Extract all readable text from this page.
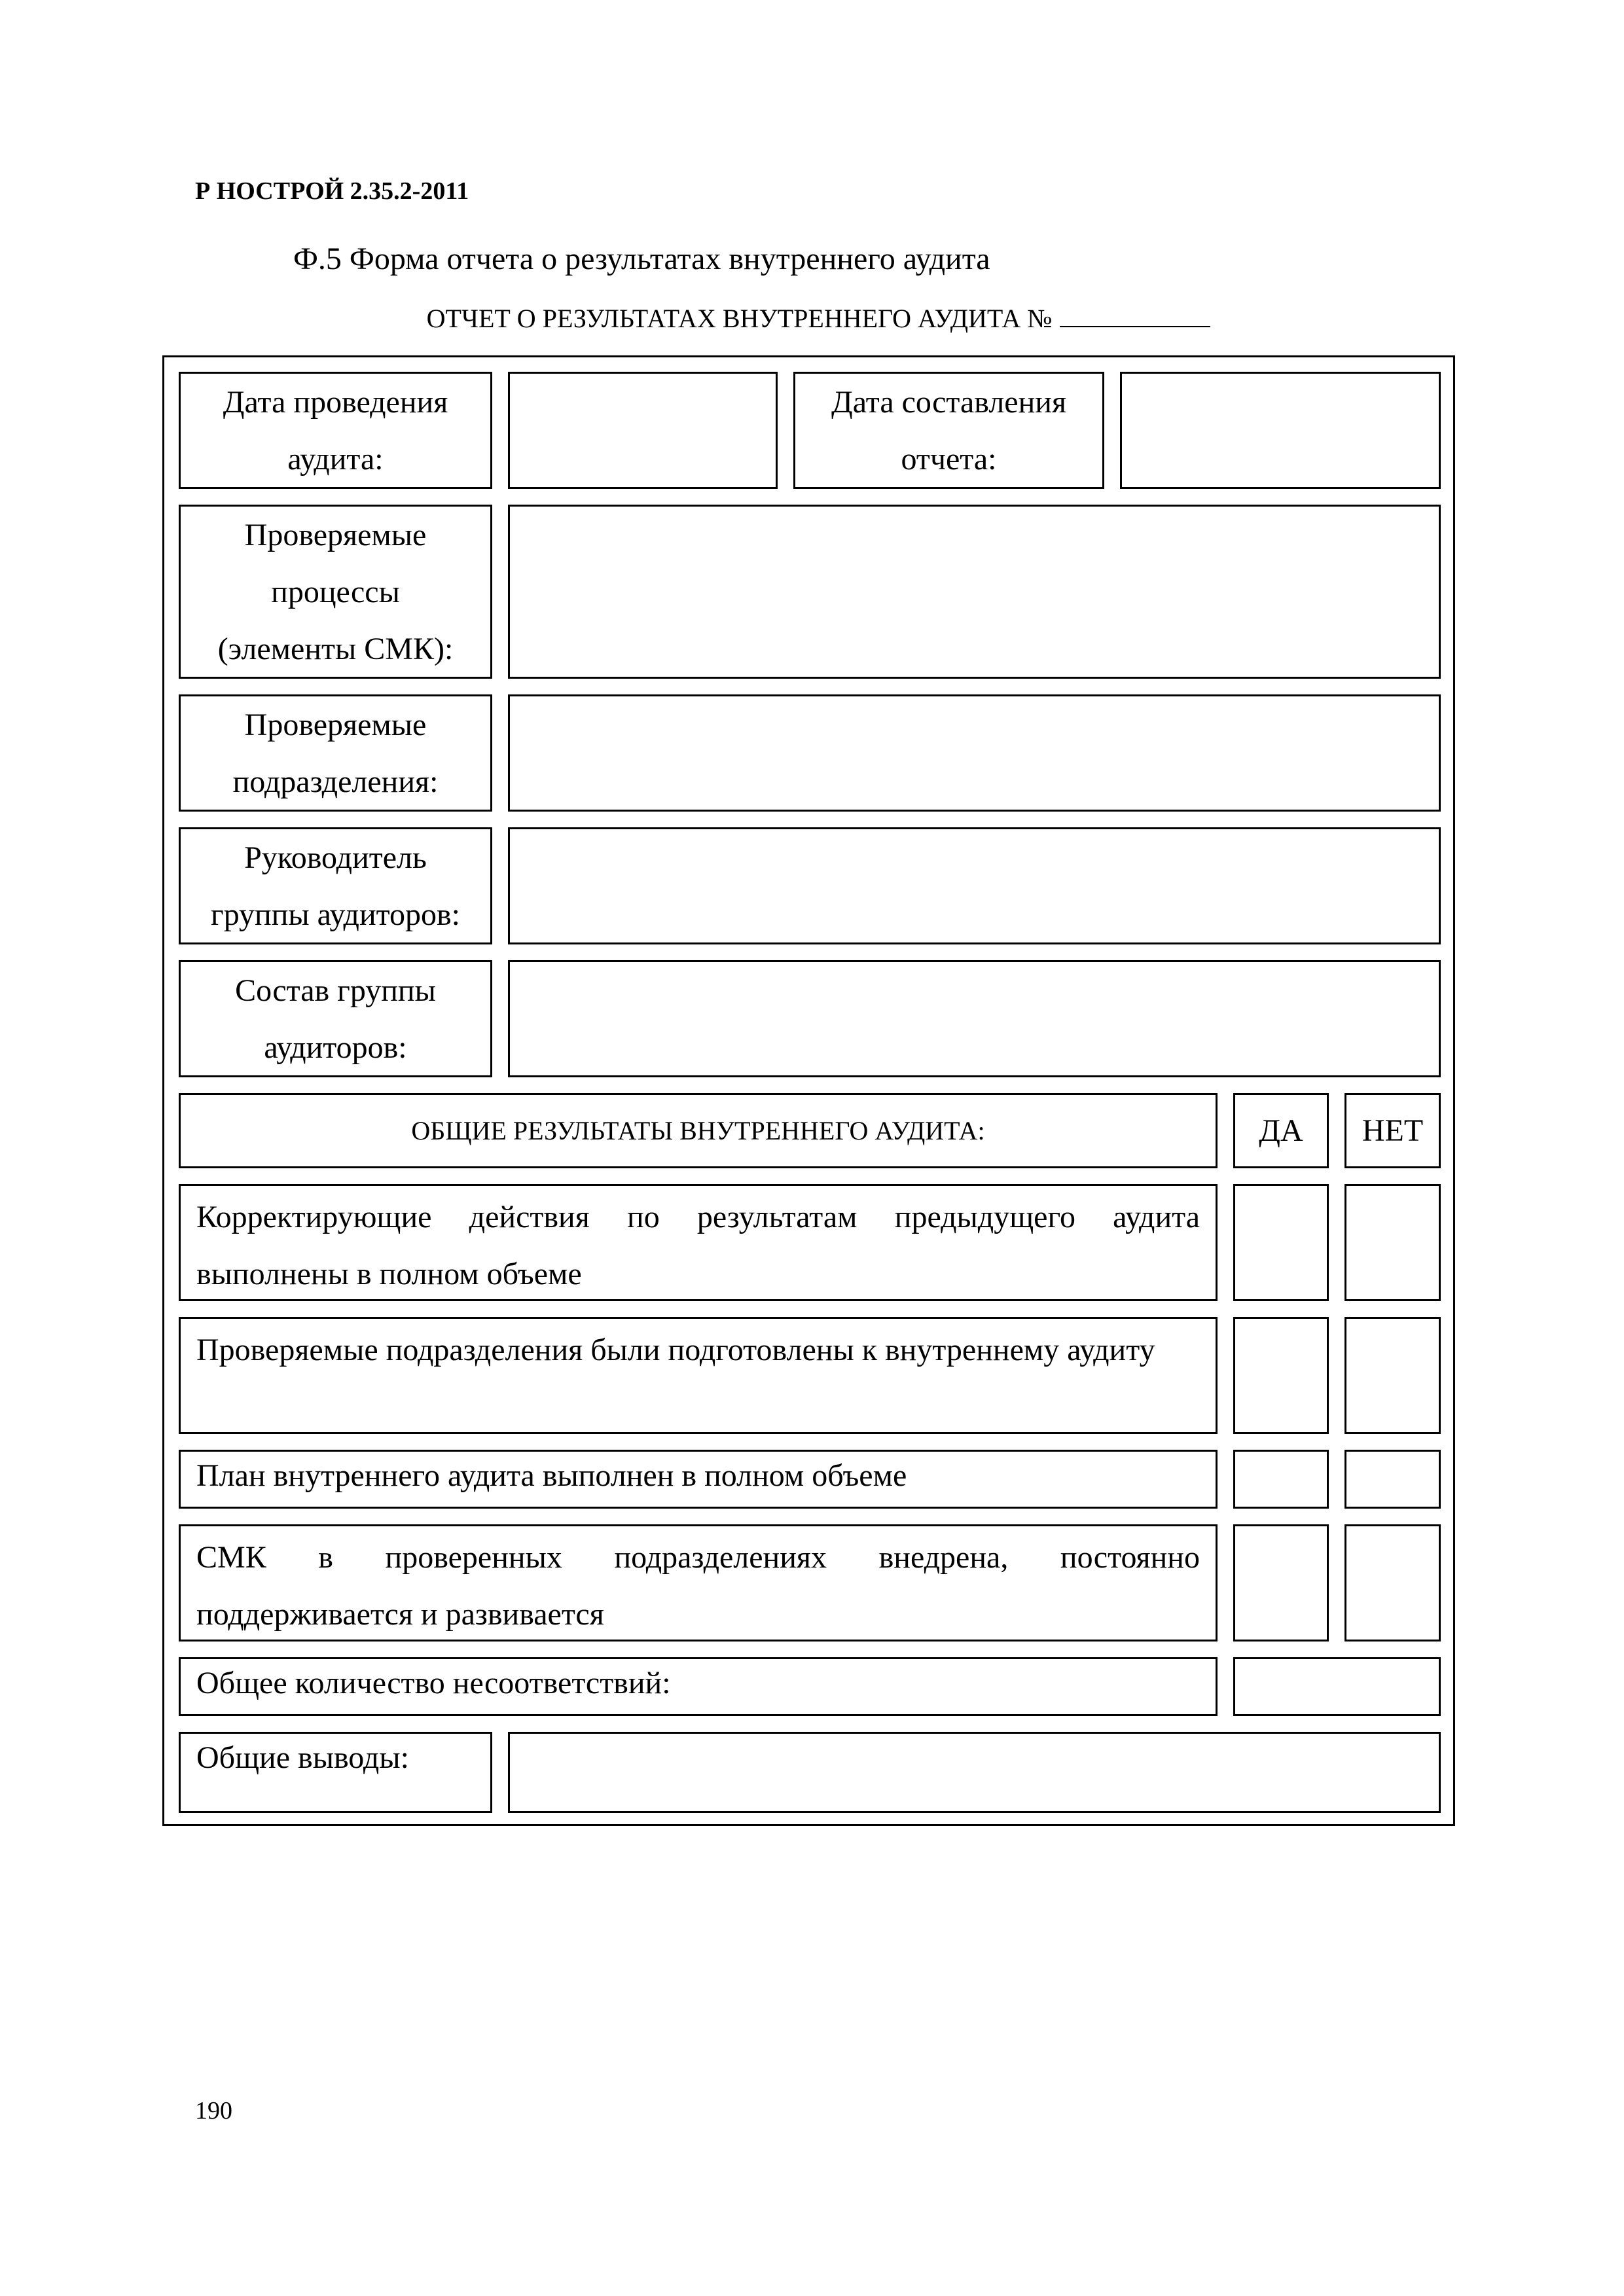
Р НОСТРОЙ 2.35.2-2011
Ф.5 Форма отчета о результатах внутреннего аудита
ОТЧЕТ О РЕЗУЛЬТАТАХ ВНУТРЕННЕГО АУДИТА №
Дата проведения аудита:
Дата составления отчета:
Проверяемые процессы (элементы СМК):
Проверяемые подразделения:
Руководитель группы аудиторов:
Состав группы аудиторов:
ОБЩИЕ РЕЗУЛЬТАТЫ ВНУТРЕННЕГО АУДИТА:	ДА НЕТ
Корректирующие действия по результатам предыдущего аудита выполнены в полном объеме
Проверяемые подразделения были подготовлены к внутреннему аудиту
План внутреннего аудита выполнен в полном объеме
СМК в проверенных подразделениях внедрена, постоянно поддерживается и развивается
Общее количество несоответствий:
Общие выводы:
190
